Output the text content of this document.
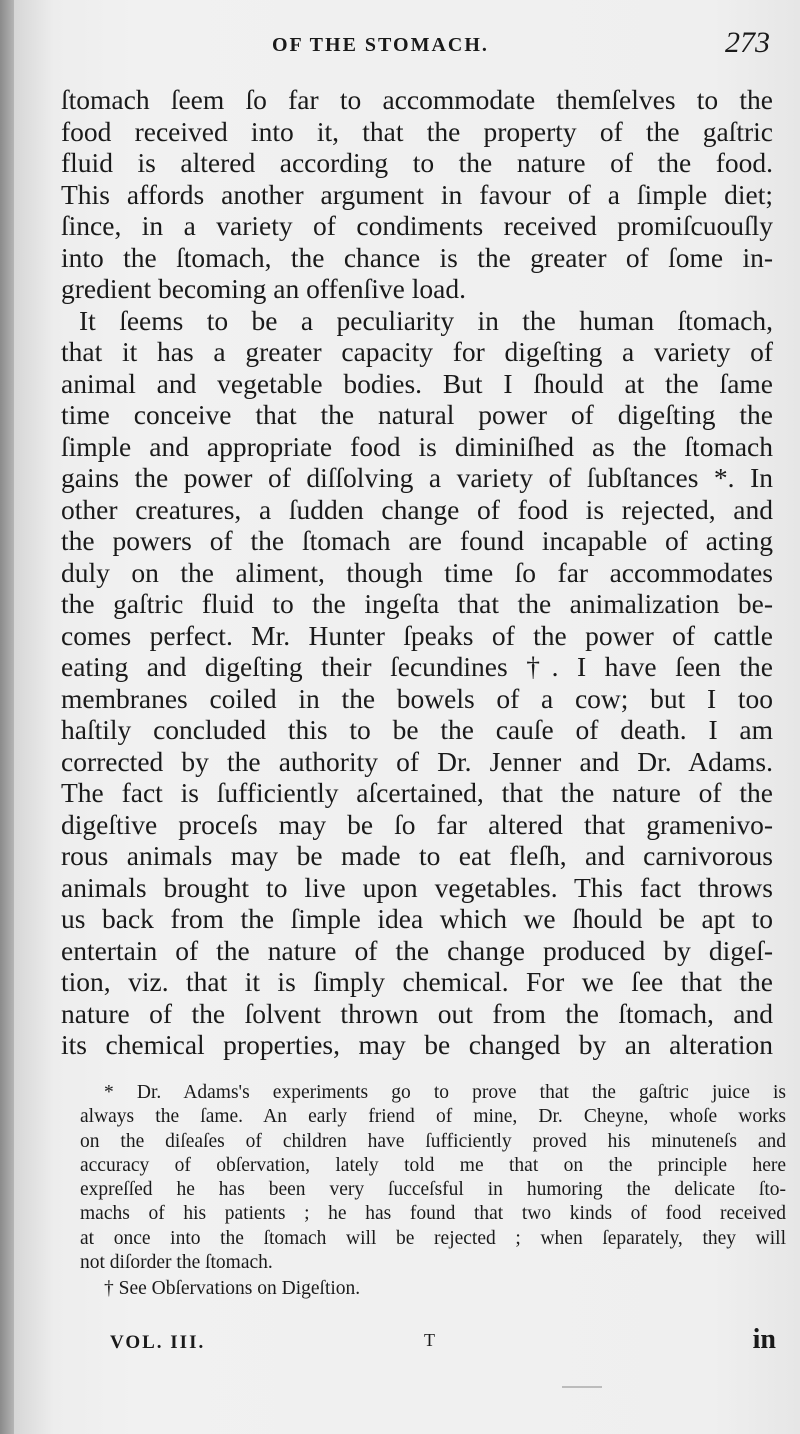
OF THE STOMACH.	273
ſtomach ſeem ſo far to accommodate themſelves to the
food received into it, that the property of the gaſtric
fluid is altered according to the nature of the food.
This affords another argument in favour of a ſimple diet;
ſince, in a variety of condiments received promiſcuouſly
into the ſtomach, the chance is the greater of ſome in-
gredient becoming an offenſive load.
It ſeems to be a peculiarity in the human ſtomach,
that it has a greater capacity for digeſting a variety of
animal and vegetable bodies. But I ſhould at the ſame
time conceive that the natural power of digeſting the
ſimple and appropriate food is diminiſhed as the ſtomach
gains the power of diſſolving a variety of ſubſtances *. In
other creatures, a ſudden change of food is rejected, and
the powers of the ſtomach are found incapable of acting
duly on the aliment, though time ſo far accommodates
the gaſtric fluid to the ingeſta that the animalization be-
comes perfect. Mr. Hunter ſpeaks of the power of cattle
eating and digeſting their ſecundines †. I have ſeen the
membranes coiled in the bowels of a cow; but I too
haſtily concluded this to be the cauſe of death. I am
corrected by the authority of Dr. Jenner and Dr. Adams.
The fact is ſufficiently aſcertained, that the nature of the
digeſtive proceſs may be ſo far altered that gramenivo-
rous animals may be made to eat fleſh, and carnivorous
animals brought to live upon vegetables. This fact throws
us back from the ſimple idea which we ſhould be apt to
entertain of the nature of the change produced by digeſ-
tion, viz. that it is ſimply chemical. For we ſee that the
nature of the ſolvent thrown out from the ſtomach, and
its chemical properties, may be changed by an alteration
* Dr. Adams's experiments go to prove that the gaſtric juice is
always the ſame. An early friend of mine, Dr. Cheyne, whoſe works
on the diſeaſes of children have ſufficiently proved his minuteneſs and
accuracy of obſervation, lately told me that on the principle here
expreſſed he has been very ſucceſsful in humoring the delicate ſto-
machs of his patients ; he has found that two kinds of food received
at once into the ſtomach will be rejected ; when ſeparately, they will
not diſorder the ſtomach.
† See Obſervations on Digeſtion.
VOL. III.	T	in
